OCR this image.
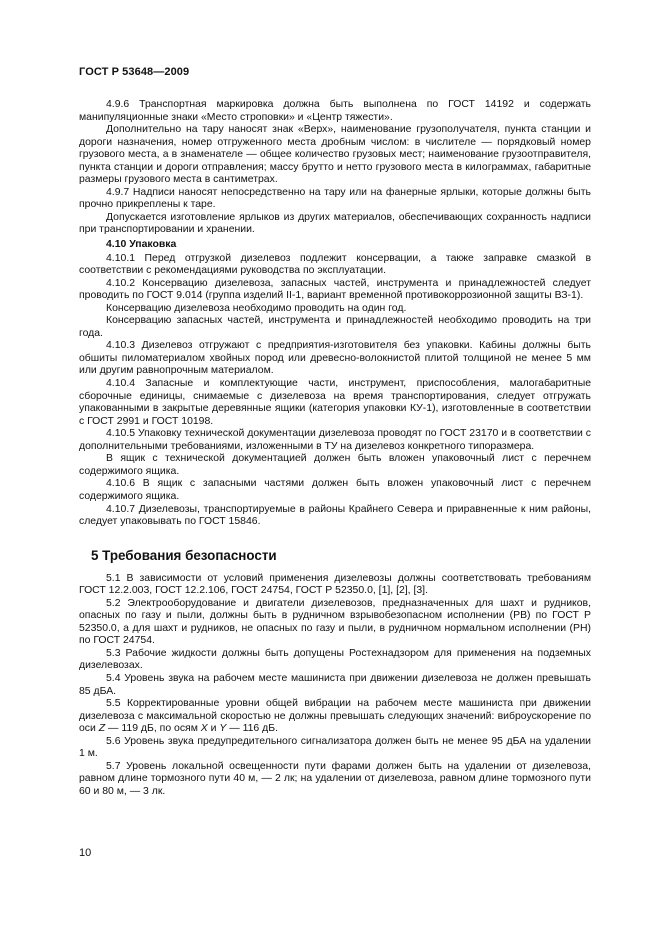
ГОСТ Р 53648—2009

4.9.6 Транспортная маркировка должна быть выполнена по ГОСТ 14192 и содержать манипуляционные знаки «Место строповки» и «Центр тяжести».

Дополнительно на тару наносят знак «Верх», наименование грузополучателя, пункта станции и дороги назначения, номер отгруженного места дробным числом: в числителе — порядковый номер грузового места, а в знаменателе — общее количество грузовых мест; наименование грузоотправителя, пункта станции и дороги отправления; массу брутто и нетто грузового места в килограммах, габаритные размеры грузового места в сантиметрах.

4.9.7 Надписи наносят непосредственно на тару или на фанерные ярлыки, которые должны быть прочно прикреплены к таре.

Допускается изготовление ярлыков из других материалов, обеспечивающих сохранность надписи при транспортировании и хранении.

4.10 Упаковка

4.10.1 Перед отгрузкой дизелевоз подлежит консервации, а также заправке смазкой в соответствии с рекомендациями руководства по эксплуатации.

4.10.2 Консервацию дизелевоза, запасных частей, инструмента и принадлежностей следует проводить по ГОСТ 9.014 (группа изделий II-1, вариант временной противокоррозионной защиты ВЗ-1).

Консервацию дизелевоза необходимо проводить на один год.

Консервацию запасных частей, инструмента и принадлежностей необходимо проводить на три года.

4.10.3 Дизелевоз отгружают с предприятия-изготовителя без упаковки. Кабины должны быть обшиты пиломатериалом хвойных пород или древесно-волокнистой плитой толщиной не менее 5 мм или другим равнопрочным материалом.

4.10.4 Запасные и комплектующие части, инструмент, приспособления, малогабаритные сборочные единицы, снимаемые с дизелевоза на время транспортирования, следует отгружать упакованными в закрытые деревянные ящики (категория упаковки КУ-1), изготовленные в соответствии с ГОСТ 2991 и ГОСТ 10198.

4.10.5 Упаковку технической документации дизелевоза проводят по ГОСТ 23170 и в соответствии с дополнительными требованиями, изложенными в ТУ на дизелевоз конкретного типоразмера.

В ящик с технической документацией должен быть вложен упаковочный лист с перечнем содержимого ящика.

4.10.6 В ящик с запасными частями должен быть вложен упаковочный лист с перечнем содержимого ящика.

4.10.7 Дизелевозы, транспортируемые в районы Крайнего Севера и приравненные к ним районы, следует упаковывать по ГОСТ 15846.

5 Требования безопасности

5.1 В зависимости от условий применения дизелевозы должны соответствовать требованиям ГОСТ 12.2.003, ГОСТ 12.2.106, ГОСТ 24754, ГОСТ Р 52350.0, [1], [2], [3].

5.2 Электрооборудование и двигатели дизелевозов, предназначенных для шахт и рудников, опасных по газу и пыли, должны быть в рудничном взрывобезопасном исполнении (РВ) по ГОСТ Р 52350.0, а для шахт и рудников, не опасных по газу и пыли, в рудничном нормальном исполнении (РН) по ГОСТ 24754.

5.3 Рабочие жидкости должны быть допущены Ростехнадзором для применения на подземных дизелевозах.

5.4 Уровень звука на рабочем месте машиниста при движении дизелевоза не должен превышать 85 дБА.

5.5 Корректированные уровни общей вибрации на рабочем месте машиниста при движении дизелевоза с максимальной скоростью не должны превышать следующих значений: виброускорение по оси Z — 119 дБ, по осям X и Y — 116 дБ.

5.6 Уровень звука предупредительного сигнализатора должен быть не менее 95 дБА на удалении 1 м.

5.7 Уровень локальной освещенности пути фарами должен быть на удалении от дизелевоза, равном длине тормозного пути 40 м, — 2 лк; на удалении от дизелевоза, равном длине тормозного пути 60 и 80 м, — 3 лк.

10
